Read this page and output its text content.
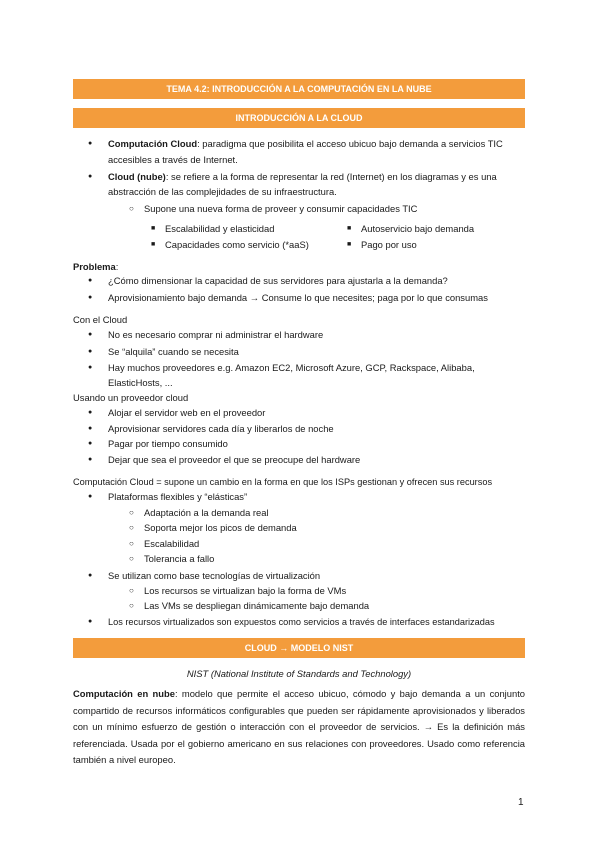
TEMA 4.2: INTRODUCCIÓN A LA COMPUTACIÓN EN LA NUBE
INTRODUCCIÓN A LA CLOUD
● Computación Cloud: paradigma que posibilita el acceso ubicuo bajo demanda a servicios TIC
accesibles a través de Internet.
● Cloud (nube): se refiere a la forma de representar la red (Internet) en los diagramas y es una
abstracción de las complejidades de su infraestructura.
○ Supone una nueva forma de proveer y consumir capacidades TIC
■ Escalabilidad y elasticidad	■ Autoservicio bajo demanda
■ Capacidades como servicio (*aaS)	■ Pago por uso
Problema:
● ¿Cómo dimensionar la capacidad de sus servidores para ajustarla a la demanda?
● Aprovisionamiento bajo demanda → Consume lo que necesites; paga por lo que consumas
Con el Cloud
● No es necesario comprar ni administrar el hardware
● Se “alquila” cuando se necesita
● Hay muchos proveedores e.g. Amazon EC2, Microsoft Azure, GCP, Rackspace, Alibaba,
ElasticHosts, ...
Usando un proveedor cloud
● Alojar el servidor web en el proveedor
● Aprovisionar servidores cada día y liberarlos de noche
● Pagar por tiempo consumido
● Dejar que sea el proveedor el que se preocupe del hardware
Computación Cloud = supone un cambio en la forma en que los ISPs gestionan y ofrecen sus recursos
● Plataformas flexibles y “elásticas”
○ Adaptación a la demanda real
○ Soporta mejor los picos de demanda
○ Escalabilidad
○ Tolerancia a fallo
● Se utilizan como base tecnologías de virtualización
○ Los recursos se virtualizan bajo la forma de VMs
○ Las VMs se despliegan dinámicamente bajo demanda
● Los recursos virtualizados son expuestos como servicios a través de interfaces estandarizadas
CLOUD → MODELO NIST
NIST (National Institute of Standards and Technology)
Computación en nube: modelo que permite el acceso ubicuo, cómodo y bajo demanda a un conjunto compartido de recursos informáticos configurables que pueden ser rápidamente aprovisionados y liberados con un mínimo esfuerzo de gestión o interacción con el proveedor de servicios. → Es la definición más referenciada. Usada por el gobierno americano en sus relaciones con proveedores. Usado como referencia también a nivel europeo.
1
